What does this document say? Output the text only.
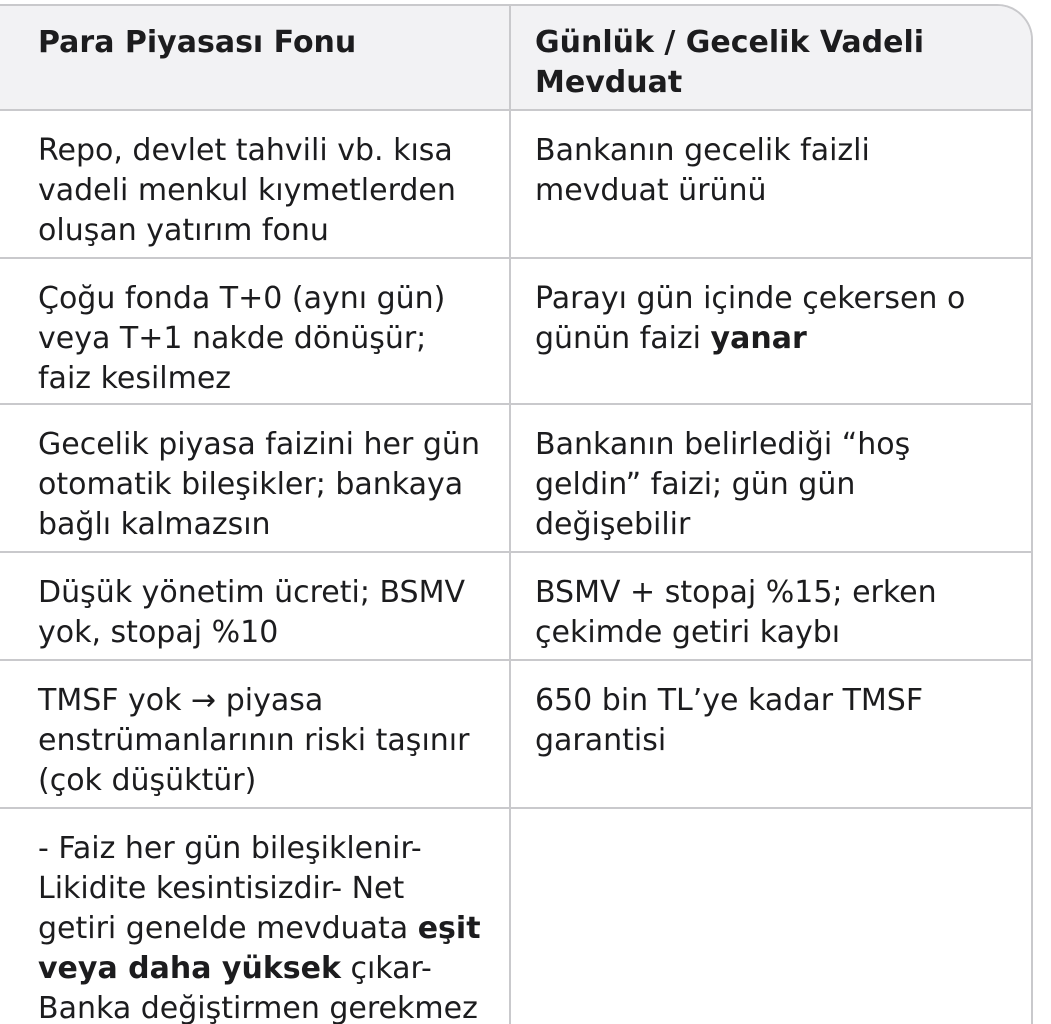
Para Piyasası Fonu	Günlük / Gecelik Vadeli Mevduat
Repo, devlet tahvili vb. kısa vadeli menkul kıymetlerden oluşan yatırım fonu	Bankanın gecelik faizli mevduat ürünü
Çoğu fonda T+0 (aynı gün) veya T+1 nakde dönüşür; faiz kesilmez	Parayı gün içinde çekersen o günün faizi yanar
Gecelik piyasa faizini her gün otomatik bileşikler; bankaya bağlı kalmazsın	Bankanın belirlediği “hoş geldin” faizi; gün gün değişebilir
Düşük yönetim ücreti; BSMV yok, stopaj %10	BSMV + stopaj %15; erken çekimde getiri kaybı
TMSF yok → piyasa enstrümanlarının riski taşınır (çok düşüktür)	650 bin TL’ye kadar TMSF garantisi
- Faiz her gün bileşiklenir- Likidite kesintisizdir- Net getiri genelde mevduata eşit veya daha yüksek çıkar- Banka değiştirmen gerekmez	
